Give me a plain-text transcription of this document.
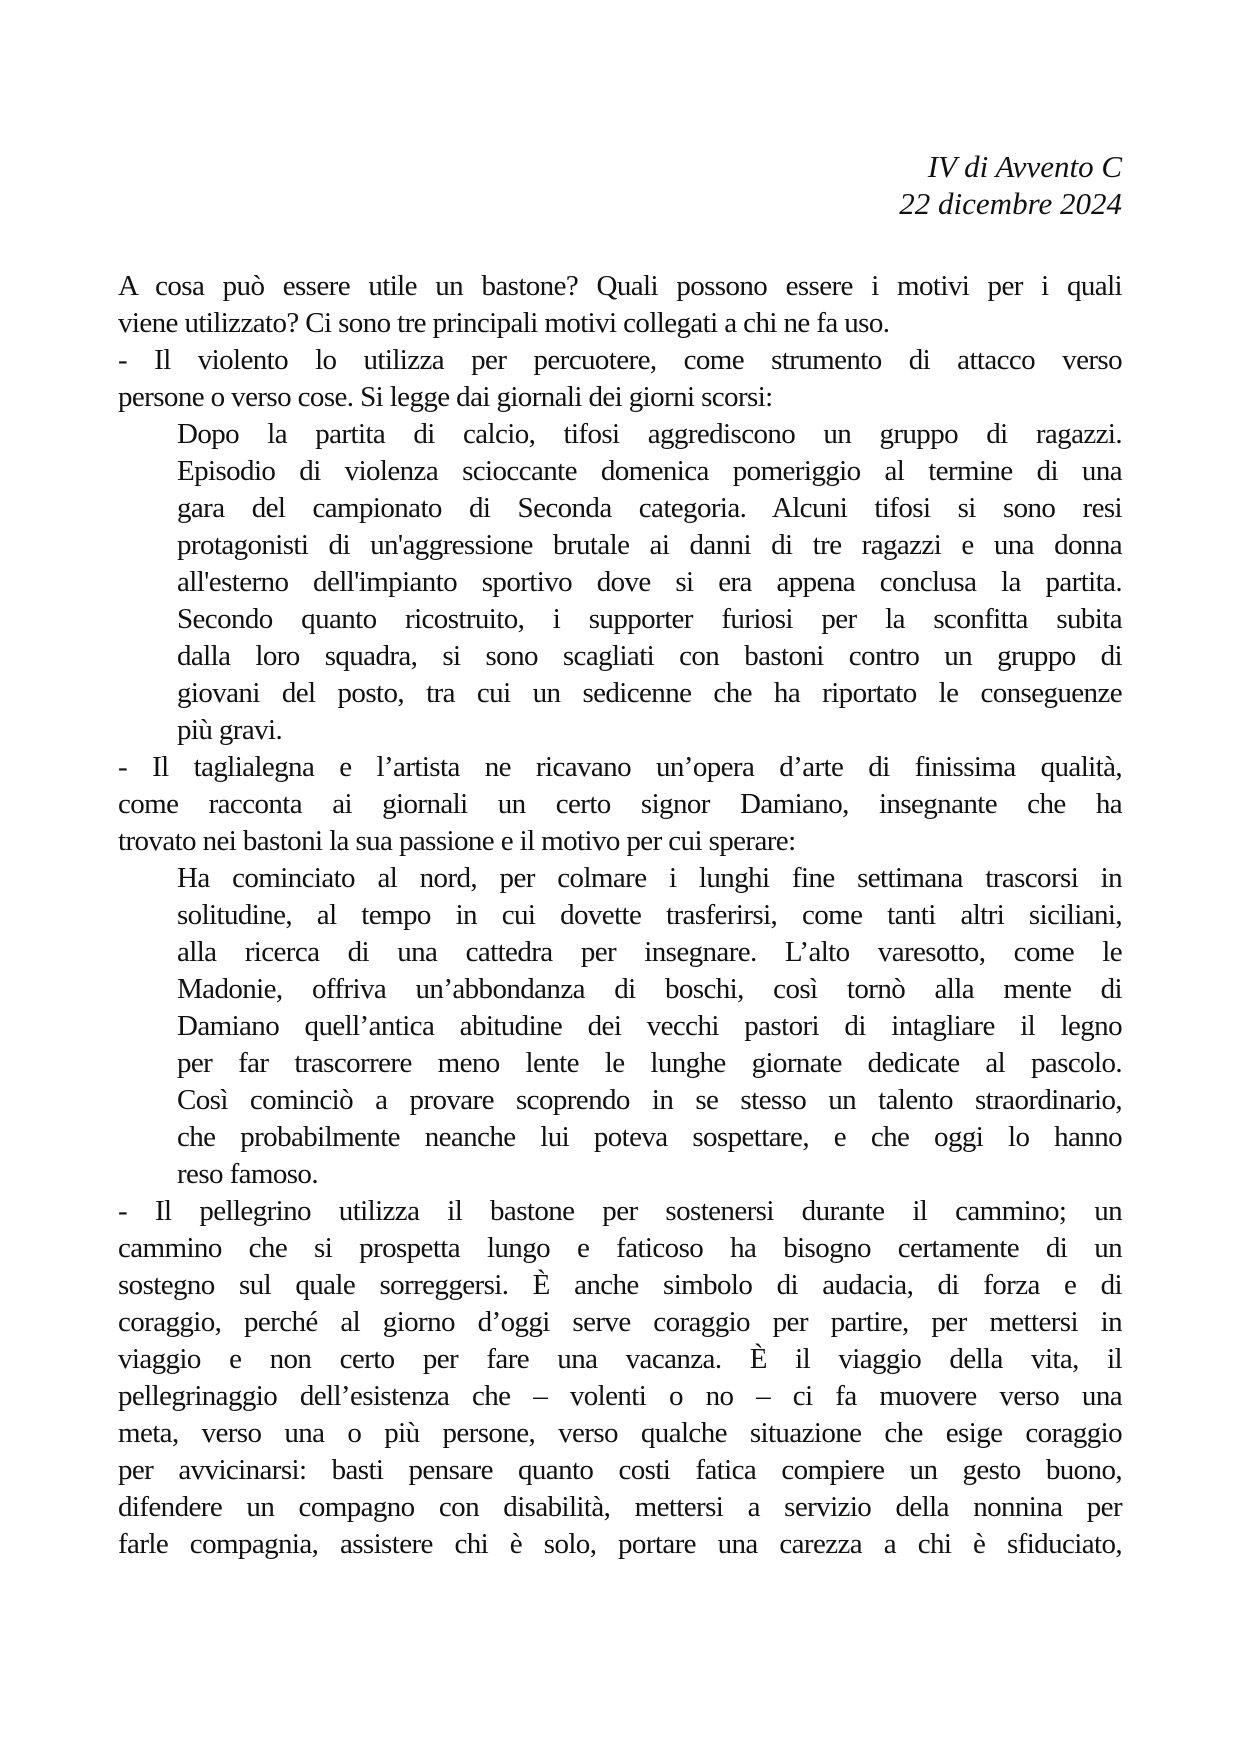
IV di Avvento C
22 dicembre 2024
A cosa può essere utile un bastone? Quali possono essere i motivi per i quali
viene utilizzato? Ci sono tre principali motivi collegati a chi ne fa uso.
- Il violento lo utilizza per percuotere, come strumento di attacco verso
persone o verso cose. Si legge dai giornali dei giorni scorsi:
Dopo la partita di calcio, tifosi aggrediscono un gruppo di ragazzi.
Episodio di violenza scioccante domenica pomeriggio al termine di una
gara del campionato di Seconda categoria. Alcuni tifosi si sono resi
protagonisti di un'aggressione brutale ai danni di tre ragazzi e una donna
all'esterno dell'impianto sportivo dove si era appena conclusa la partita.
Secondo quanto ricostruito, i supporter furiosi per la sconfitta subita
dalla loro squadra, si sono scagliati con bastoni contro un gruppo di
giovani del posto, tra cui un sedicenne che ha riportato le conseguenze
più gravi.
- Il taglialegna e l’artista ne ricavano un’opera d’arte di finissima qualità,
come racconta ai giornali un certo signor Damiano, insegnante che ha
trovato nei bastoni la sua passione e il motivo per cui sperare:
Ha cominciato al nord, per colmare i lunghi fine settimana trascorsi in
solitudine, al tempo in cui dovette trasferirsi, come tanti altri siciliani,
alla ricerca di una cattedra per insegnare. L’alto varesotto, come le
Madonie, offriva un’abbondanza di boschi, così tornò alla mente di
Damiano quell’antica abitudine dei vecchi pastori di intagliare il legno
per far trascorrere meno lente le lunghe giornate dedicate al pascolo.
Così cominciò a provare scoprendo in se stesso un talento straordinario,
che probabilmente neanche lui poteva sospettare, e che oggi lo hanno
reso famoso.
- Il pellegrino utilizza il bastone per sostenersi durante il cammino; un
cammino che si prospetta lungo e faticoso ha bisogno certamente di un
sostegno sul quale sorreggersi. È anche simbolo di audacia, di forza e di
coraggio, perché al giorno d’oggi serve coraggio per partire, per mettersi in
viaggio e non certo per fare una vacanza. È il viaggio della vita, il
pellegrinaggio dell’esistenza che – volenti o no – ci fa muovere verso una
meta, verso una o più persone, verso qualche situazione che esige coraggio
per avvicinarsi: basti pensare quanto costi fatica compiere un gesto buono,
difendere un compagno con disabilità, mettersi a servizio della nonnina per
farle compagnia, assistere chi è solo, portare una carezza a chi è sfiduciato,
